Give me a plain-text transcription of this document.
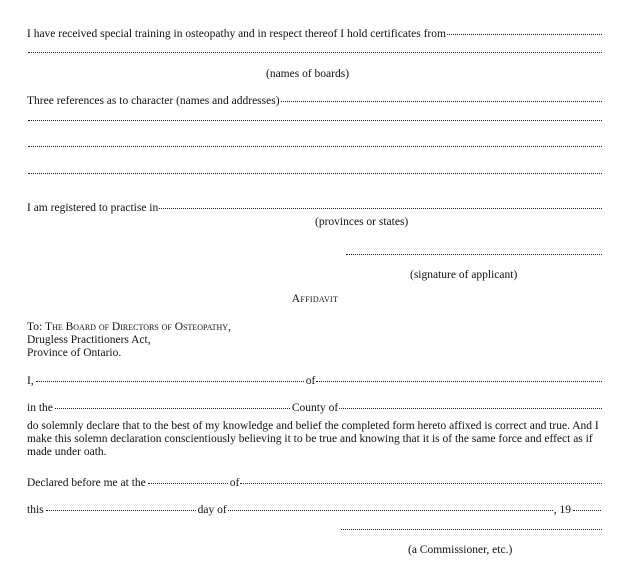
I have received special training in osteopathy and in respect thereof I hold certificates from
(names of boards)
Three references as to character (names and addresses)
I am registered to practise in
(provinces or states)
(signature of applicant)
Affidavit
To: The Board of Directors of Osteopathy,
Drugless Practitioners Act,
Province of Ontario.
I,	of
in the	County of
do solemnly declare that to the best of my knowledge and belief the completed form hereto affixed is correct and true. And I make this solemn declaration conscientiously believing it to be true and knowing that it is of the same force and effect as if made under oath.
Declared before me at the	of
this	day of	, 19
(a Commissioner, etc.)
